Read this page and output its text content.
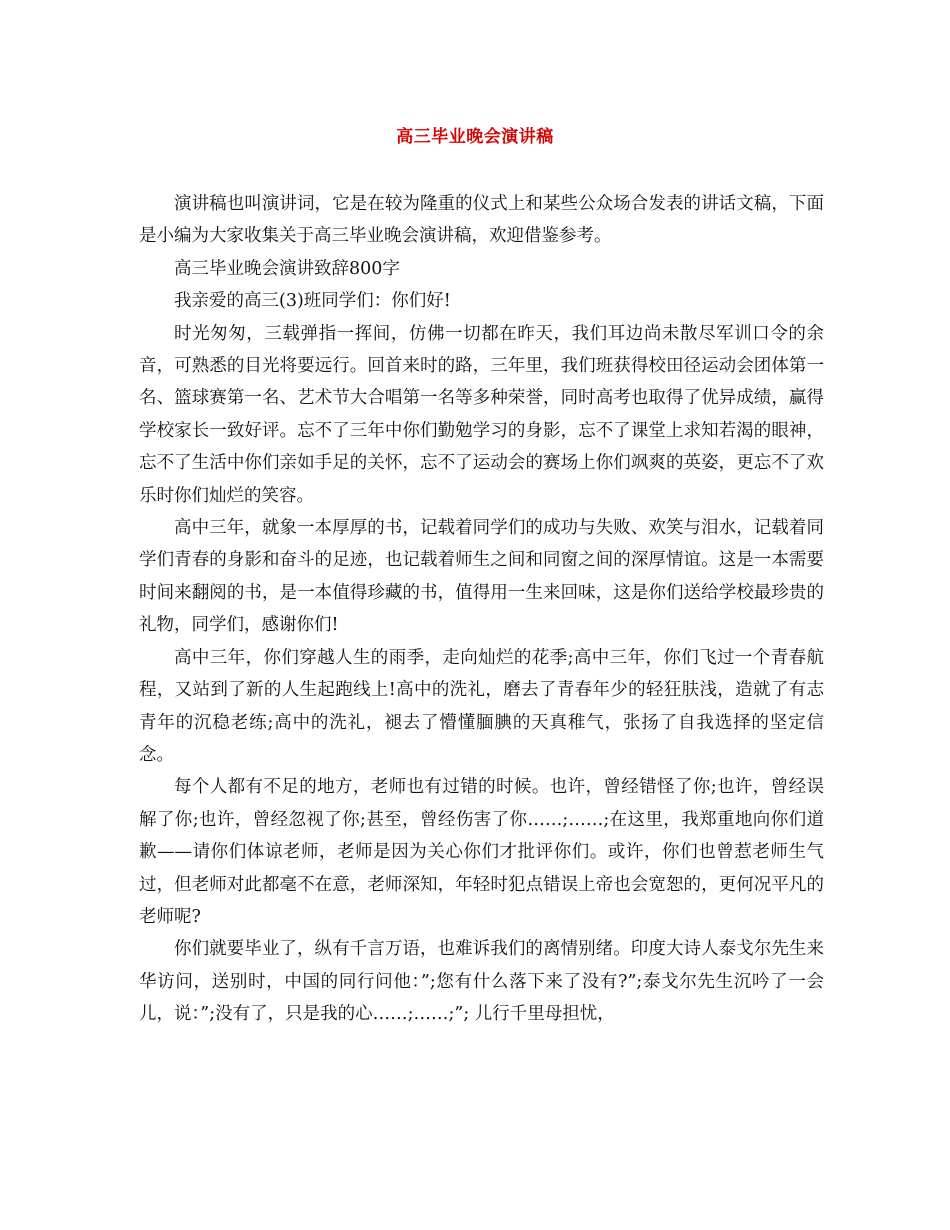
高三毕业晚会演讲稿

演讲稿也叫演讲词，它是在较为隆重的仪式上和某些公众场合发表的讲话文稿，下面是小编为大家收集关于高三毕业晚会演讲稿，欢迎借鉴参考。

高三毕业晚会演讲致辞800字

我亲爱的高三(3)班同学们：你们好!

时光匆匆，三载弹指一挥间，仿佛一切都在昨天，我们耳边尚未散尽军训口令的余音，可熟悉的目光将要远行。回首来时的路，三年里，我们班获得校田径运动会团体第一名、篮球赛第一名、艺术节大合唱第一名等多种荣誉，同时高考也取得了优异成绩，赢得学校家长一致好评。忘不了三年中你们勤勉学习的身影，忘不了课堂上求知若渴的眼神，忘不了生活中你们亲如手足的关怀，忘不了运动会的赛场上你们飒爽的英姿，更忘不了欢乐时你们灿烂的笑容。

高中三年，就象一本厚厚的书，记载着同学们的成功与失败、欢笑与泪水，记载着同学们青春的身影和奋斗的足迹，也记载着师生之间和同窗之间的深厚情谊。这是一本需要时间来翻阅的书，是一本值得珍藏的书，值得用一生来回味，这是你们送给学校最珍贵的礼物，同学们，感谢你们!

高中三年，你们穿越人生的雨季，走向灿烂的花季;高中三年，你们飞过一个青春航程，又站到了新的人生起跑线上!高中的洗礼，磨去了青春年少的轻狂肤浅，造就了有志青年的沉稳老练;高中的洗礼，褪去了懵懂腼腆的天真稚气，张扬了自我选择的坚定信念。

每个人都有不足的地方，老师也有过错的时候。也许，曾经错怪了你;也许，曾经误解了你;也许，曾经忽视了你;甚至，曾经伤害了你……;……;在这里，我郑重地向你们道歉——请你们体谅老师，老师是因为关心你们才批评你们。或许，你们也曾惹老师生气过，但老师对此都毫不在意，老师深知，年轻时犯点错误上帝也会宽恕的，更何况平凡的老师呢?

你们就要毕业了，纵有千言万语，也难诉我们的离情别绪。印度大诗人泰戈尔先生来华访问，送别时，中国的同行问他：”;您有什么落下来了没有?”;泰戈尔先生沉吟了一会儿，说：”;没有了，只是我的心……;……;”; 儿行千里母担忧，
